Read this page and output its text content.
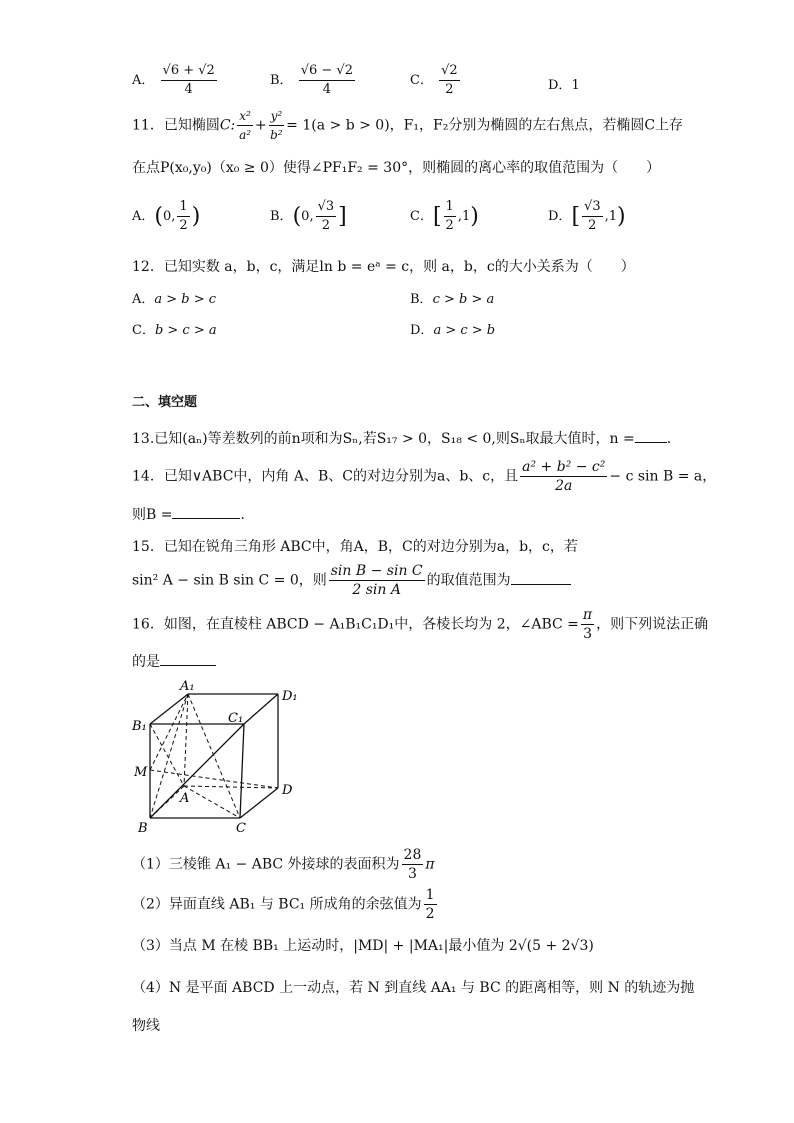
A． $\frac{√6 + √2}{4}$	B． $\frac{√6 - √2}{4}$	C． $\frac{√2}{2}$	D．1
11．已知椭圆C: $\frac{\text{x²}}{\text{a²}} + \frac{\text{y²}}{\text{b²}} = 1(a > b > 0)$，F₁，F₂分别为椭圆的左右焦点，若椭圆C上存
在点P(x₀,y₀)（x₀ ≥ 0）使得∠PF₁F₂ = 30°，则椭圆的离心率的取值范围为（　　）
A．(0, $\frac{1}{2}$ )	B．(0, $\frac{√3}{2}$ ]	C．[ $\frac{1}{2} ,1$)	D．[ $\frac{√3}{2} ,1$)
12．已知实数 a，b，c，满足ln b = eᵃ = c，则 a，b，c的大小关系为（　　）
A．a > b > c	B．c > b > a
C．b > c > a	D．a > c > b
二、填空题
13.已知(aₙ)等差数列的前n项和为Sₙ,若S₁₇ > 0，S₁₈ < 0,则Sₙ取最大值时，n = .
14．已知∨ABC中，内角 A、B、C的对边分别为a、b、c，且 $\frac{\text{a² + b² − c²}}{2a} - c$ sin B = a，
则B =	.
15．已知在锐角三角形 ABC中，角A，B，C的对边分别为a，b，c，若
sin² A − sin B sin C = 0，则 $\frac{\text{sin B − sin C}}{\text{2 sin A}}$ 的取值范围为
16．如图，在直棱柱 ABCD − A₁B₁C₁D₁中，各棱长均为 2，∠ABC = $\frac{\pi}{3}$ ，则下列说法正确
的是
A₁
D₁
B₁
C₁
M
A
D
B	C
（1）三棱锥 A₁ − ABC 外接球的表面积为 $\frac{28}{3}$ π
（2）异面直线 AB₁ 与 BC₁ 所成角的余弦值为 $\frac{1}{2}$
（3）当点 M 在棱 BB₁ 上运动时，|MD| + |MA₁|最小值为 2√(5 + 2√3)
（4）N 是平面 ABCD 上一动点，若 N 到直线 AA₁ 与 BC 的距离相等，则 N 的轨迹为抛
物线
